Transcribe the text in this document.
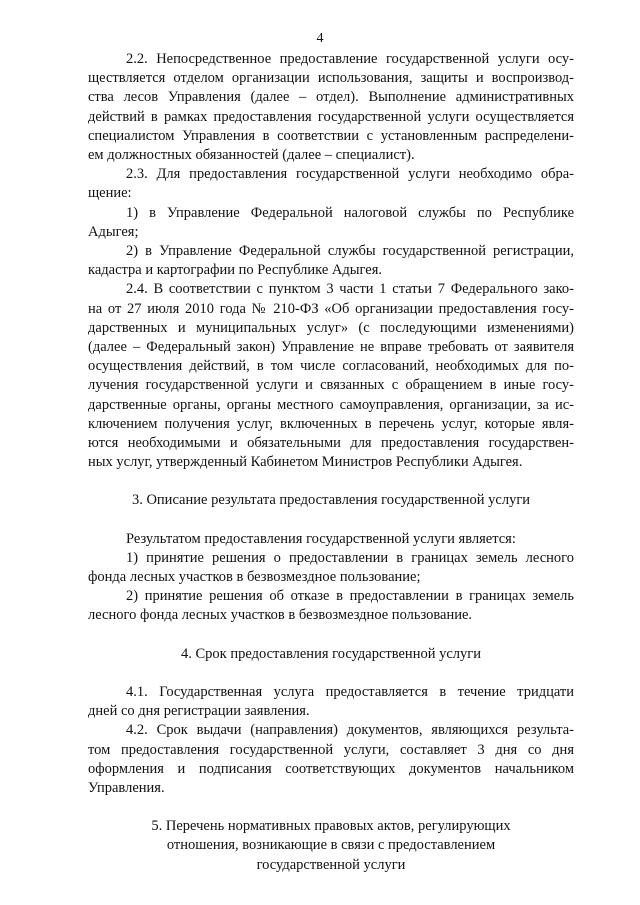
4
2.2. Непосредственное предоставление государственной услуги осу-
ществляется отделом организации использования, защиты и воспроизвод-
ства лесов Управления (далее – отдел). Выполнение административных
действий в рамках предоставления государственной услуги осуществляется
специалистом Управления в соответствии с установленным распределени-
ем должностных обязанностей (далее – специалист).
2.3. Для предоставления государственной услуги необходимо обра-
щение:
1) в Управление Федеральной налоговой службы по Республике
Адыгея;
2) в Управление Федеральной службы государственной регистрации,
кадастра и картографии по Республике Адыгея.
2.4. В соответствии с пунктом 3 части 1 статьи 7 Федерального зако-
на от 27 июля 2010 года № 210-ФЗ «Об организации предоставления госу-
дарственных и муниципальных услуг» (с последующими изменениями)
(далее – Федеральный закон) Управление не вправе требовать от заявителя
осуществления действий, в том числе согласований, необходимых для по-
лучения государственной услуги и связанных с обращением в иные госу-
дарственные органы, органы местного самоуправления, организации, за ис-
ключением получения услуг, включенных в перечень услуг, которые явля-
ются необходимыми и обязательными для предоставления государствен-
ных услуг, утвержденный Кабинетом Министров Республики Адыгея.
3. Описание результата предоставления государственной услуги
Результатом предоставления государственной услуги является:
1) принятие решения о предоставлении в границах земель лесного
фонда лесных участков в безвозмездное пользование;
2) принятие решения об отказе в предоставлении в границах земель
лесного фонда лесных участков в безвозмездное пользование.
4. Срок предоставления государственной услуги
4.1. Государственная услуга предоставляется в течение тридцати
дней со дня регистрации заявления.
4.2. Срок выдачи (направления) документов, являющихся результа-
том предоставления государственной услуги, составляет 3 дня со дня
оформления и подписания соответствующих документов начальником
Управления.
5. Перечень нормативных правовых актов, регулирующих
отношения, возникающие в связи с предоставлением
государственной услуги
